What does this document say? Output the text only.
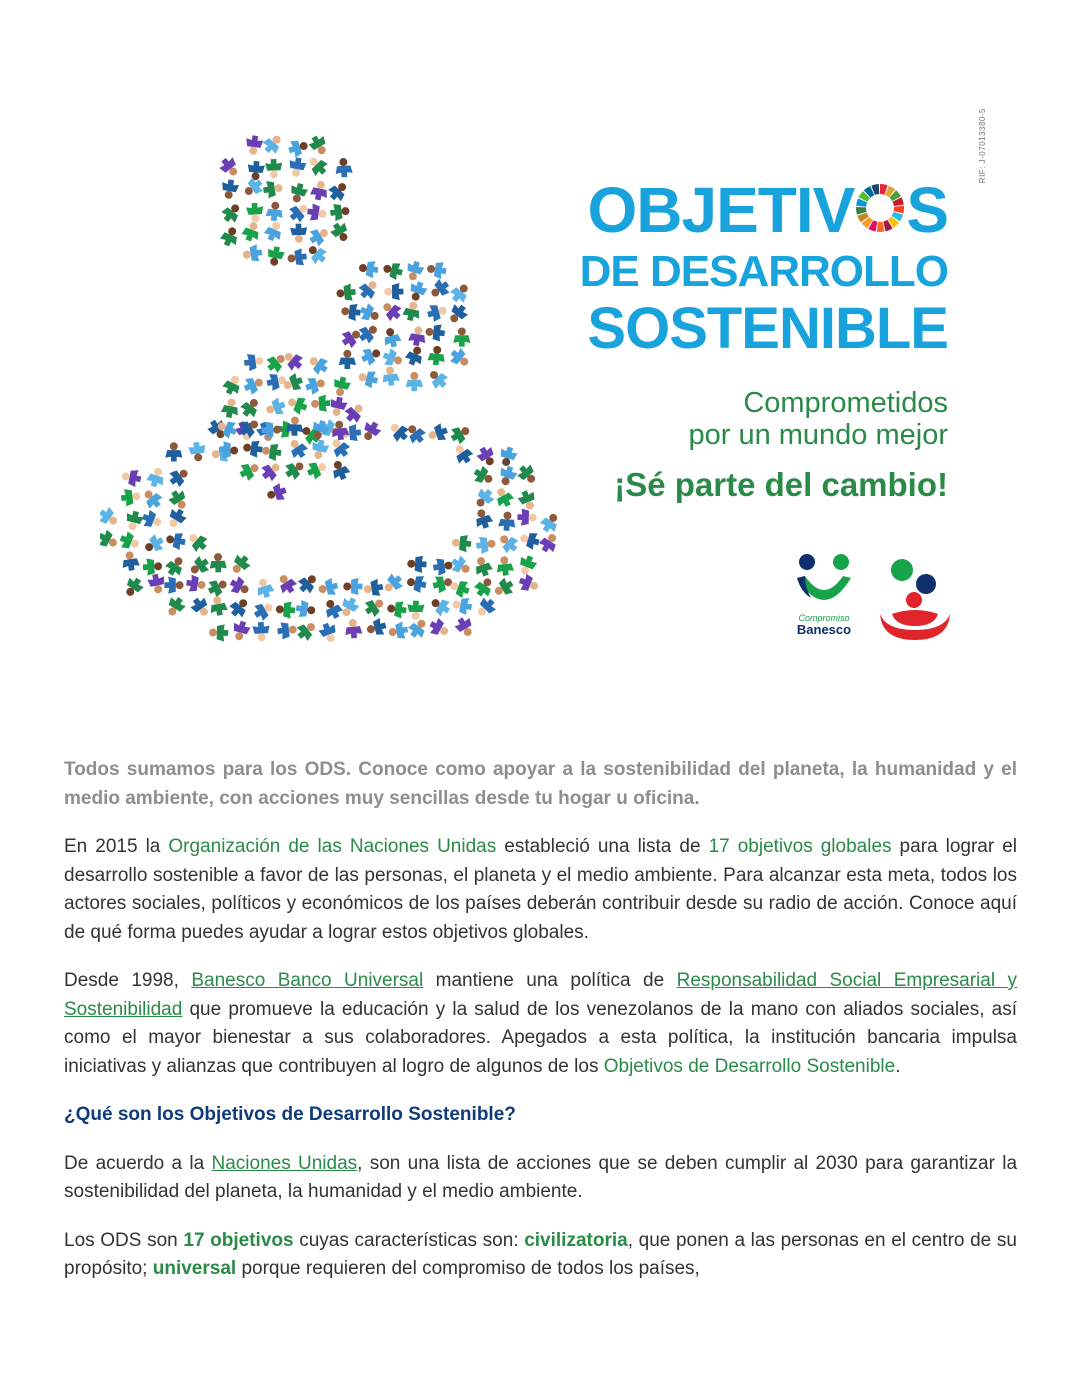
RIF: J-07013380-5
OBJETIV S
DE DESARROLLO
SOSTENIBLE
Comprometidos
por un mundo mejor
¡Sé parte del cambio!
Compromiso
Banesco

Todos sumamos para los ODS. Conoce como apoyar a la sostenibilidad del planeta, la humanidad y el medio ambiente, con acciones muy sencillas desde tu hogar u oficina.

En 2015 la Organización de las Naciones Unidas estableció una lista de 17 objetivos globales para lograr el desarrollo sostenible a favor de las personas, el planeta y el medio ambiente. Para alcanzar esta meta, todos los actores sociales, políticos y económicos de los países deberán contribuir desde su radio de acción. Conoce aquí de qué forma puedes ayudar a lograr estos objetivos globales.

Desde 1998, Banesco Banco Universal mantiene una política de Responsabilidad Social Empresarial y Sostenibilidad que promueve la educación y la salud de los venezolanos de la mano con aliados sociales, así como el mayor bienestar a sus colaboradores. Apegados a esta política, la institución bancaria impulsa iniciativas y alianzas que contribuyen al logro de algunos de los Objetivos de Desarrollo Sostenible.

¿Qué son los Objetivos de Desarrollo Sostenible?

De acuerdo a la Naciones Unidas, son una lista de acciones que se deben cumplir al 2030 para garantizar la sostenibilidad del planeta, la humanidad y el medio ambiente.

Los ODS son 17 objetivos cuyas características son: civilizatoria, que ponen a las personas en el centro de su propósito; universal porque requieren del compromiso de todos los países,
